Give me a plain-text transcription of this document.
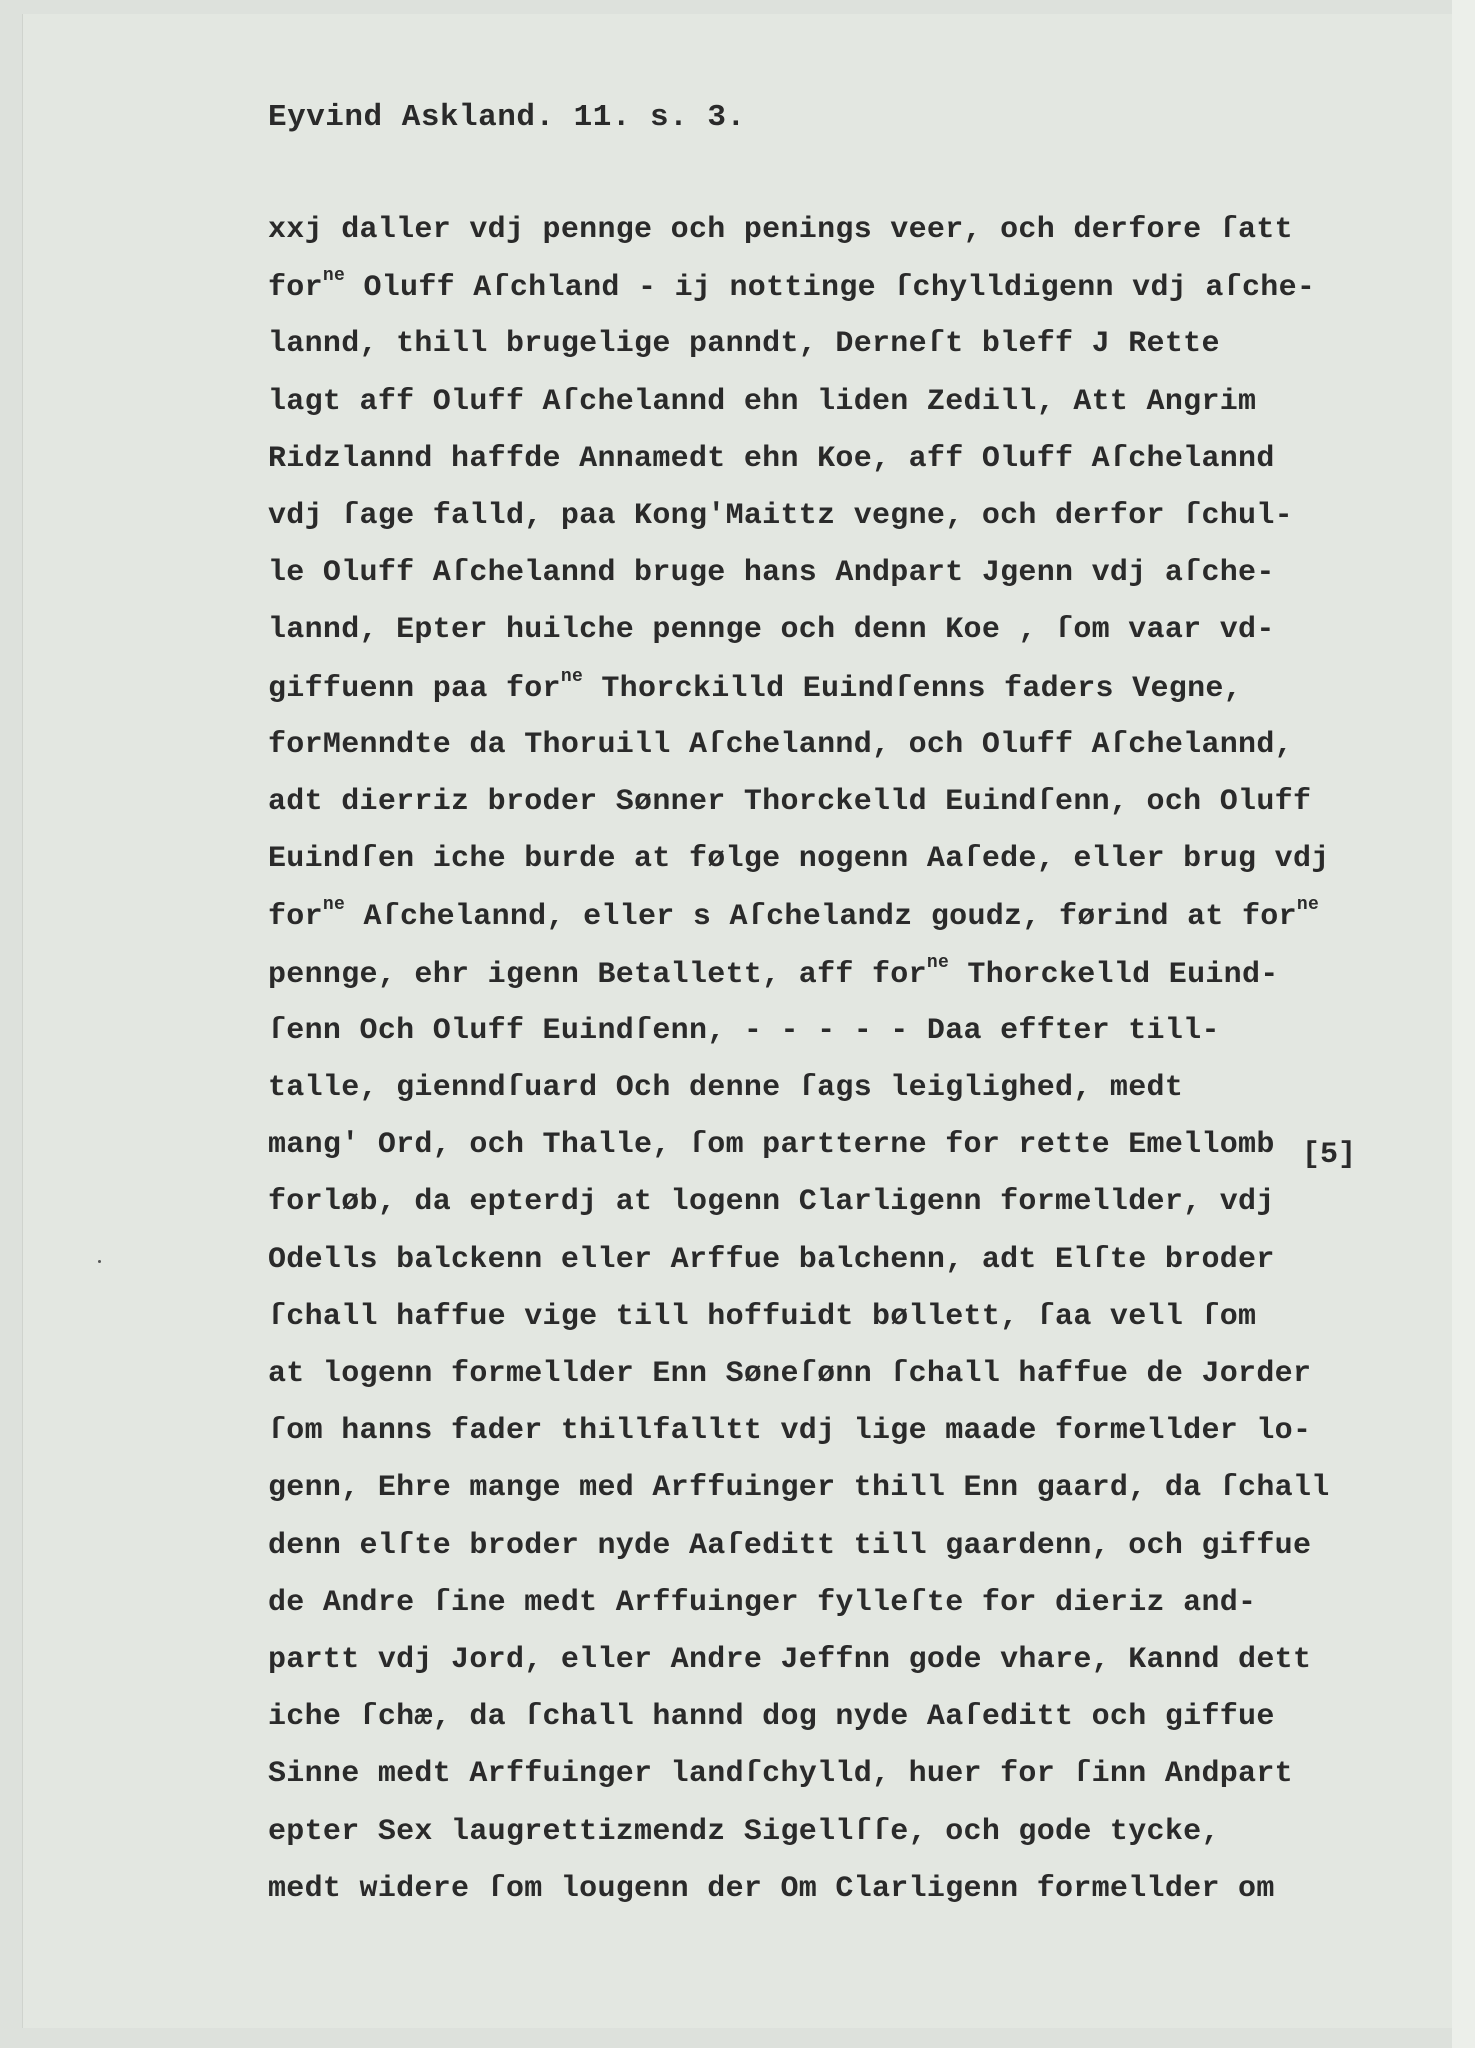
Eyvind Askland. 11. s. 3.
xxj daller vdj pennge och penings veer, och derfore ſatt
for$^{ne}$ Oluff Aſchland - ij nottinge ſchylldigenn vdj aſche-
lannd, thill brugelige panndt, Derneſt bleff J Rette
lagt aff Oluff Aſchelannd ehn liden Zedill, Att Angrim
Ridzlannd haffde Annamedt ehn Koe, aff Oluff Aſchelannd
vdj ſage falld, paa Kong'Maittz vegne, och derfor ſchul-
le Oluff Aſchelannd bruge hans Andpart Jgenn vdj aſche-
lannd, Epter huilche pennge och denn Koe , ſom vaar vd-
giffuenn paa for$^{ne}$ Thorckilld Euindſenns faders Vegne,
forMenndte da Thoruill Aſchelannd, och Oluff Aſchelannd,
adt dierriz broder Sønner Thorckelld Euindſenn, och Oluff
Euindſen iche burde at følge nogenn Aaſede, eller brug vdj
for$^{ne}$ Aſchelannd, eller s Aſchelandz goudz, førind at for$^{ne}$
pennge, ehr igenn Betallett, aff for$^{ne}$ Thorckelld Euind-
ſenn Och Oluff Euindſenn, - - - - - Daa effter till-
talle, gienndſuard Och denne ſags leiglighed, medt
mang' Ord, och Thalle, ſom partterne for rette Emellomb
forløb, da epterdj at logenn Clarligenn formellder, vdj
Odells balckenn eller Arffue balchenn, adt Elſte broder
ſchall haffue vige till hoffuidt bøllett, ſaa vell ſom
at logenn formellder Enn Søneſønn ſchall haffue de Jorder
ſom hanns fader thillfalltt vdj lige maade formellder lo-
genn, Ehre mange med Arffuinger thill Enn gaard, da ſchall
denn elſte broder nyde Aaſeditt till gaardenn, och giffue
de Andre ſine medt Arffuinger fylleſte for dieriz and-
partt vdj Jord, eller Andre Jeffnn gode vhare, Kannd dett
iche ſchæ, da ſchall hannd dog nyde Aaſeditt och giffue
Sinne medt Arffuinger landſchylld, huer for ſinn Andpart
epter Sex laugrettizmendz Sigellſſe, och gode tycke,
medt widere ſom lougenn der Om Clarligenn formellder om
[5]
